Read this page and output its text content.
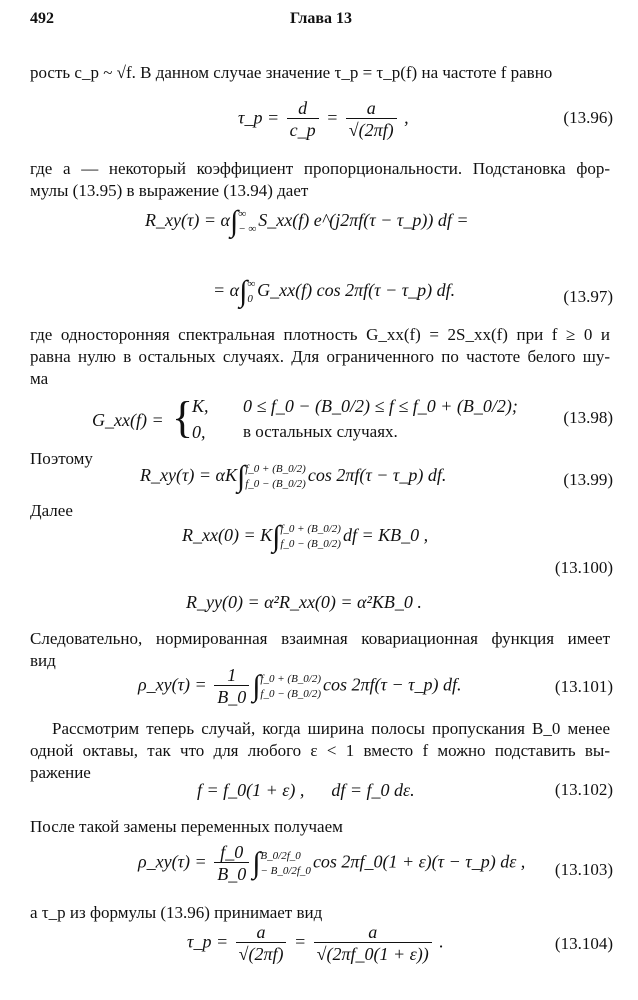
492	Глава 13
рость c_p ~ √f. В данном случае значение τ_p = τ_p(f) на частоте f равно
τ_p = $\frac{d}{c\_p} = \frac{a}{√(2\pi f)}$ ,	(13.96)
где a — некоторый коэффициент пропорциональности. Подстановка фор-
мулы (13.95) в выражение (13.94) дает
R_xy(τ) = α∫ ∞
− ∞ S_xx(f) e^(j2πf(τ − τ_p)) df =
= α∫ ∞
0 G_xx(f) cos 2πf(τ − τ_p) df.	(13.97)
где односторонняя спектральная плотность G_xx(f) = 2S_xx(f) при f ≥ 0 и
равна нулю в остальных случаях. Для ограниченного по частоте белого шу-
ма
G_xx(f) = {
K, 0 ≤ f_0 − (B_0/2) ≤ f ≤ f_0 + (B_0/2);
0, в остальных случаях.
(13.98)
Поэтому
R_xy(τ) = αK∫ f_0 + (B_0/2)
f_0 − (B_0/2) cos 2πf(τ − τ_p) df.	(13.99)
Далее
R_xx(0) = K∫ f_0 + (B_0/2)
f_0 − (B_0/2) df = KB_0 ,
R_yy(0) = α²R_xx(0) = α²KB_0 .
(13.100)
Следовательно, нормированная взаимная ковариационная функция имеет
вид
ρ_xy(τ) = $\frac{1}{B\_0}$ ∫ f_0 + (B_0/2)
f_0 − (B_0/2) cos 2πf(τ − τ_p) df.	(13.101)
Рассмотрим теперь случай, когда ширина полосы пропускания B_0 менее
одной октавы, так что для любого ε < 1 вместо f можно подставить вы-
ражение
f = f_0(1 + ε) ,      df = f_0 dε.	(13.102)
После такой замены переменных получаем
ρ_xy(τ) = $\frac{f\_0}{B\_0}$ ∫ B_0/2f_0
− B_0/2f_0 cos 2πf_0(1 + ε)(τ − τ_p) dε , (13.103)
а τ_p из формулы (13.96) принимает вид
τ_p = $\frac{a}{√(2\pi f)} = \frac{a}{√(2\pi f\_0(1 + \varepsilon))}$ .	(13.104)
